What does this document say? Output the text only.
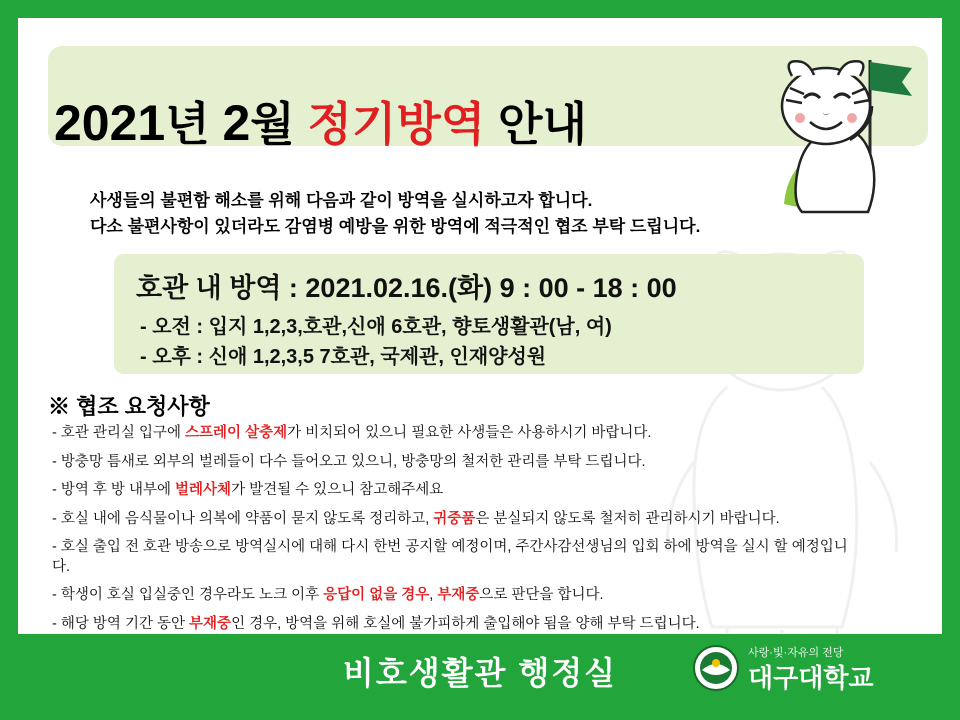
2021년 2월 정기방역 안내
사생들의 불편함 해소를 위해 다음과 같이 방역을 실시하고자 합니다.
다소 불편사항이 있더라도 감염병 예방을 위한 방역에 적극적인 협조 부탁 드립니다.
호관 내 방역 : 2021.02.16.(화) 9 : 00 - 18 : 00
- 오전 : 입지 1,2,3,호관,신애 6호관, 향토생활관(남, 여)
- 오후 : 신애 1,2,3,5 7호관, 국제관, 인재양성원
※ 협조 요청사항
- 호관 관리실 입구에 스프레이 살충제가 비치되어 있으니 필요한 사생들은 사용하시기 바랍니다.
- 방충망 틈새로 외부의 벌레들이 다수 들어오고 있으니, 방충망의 철저한 관리를 부탁 드립니다.
- 방역 후 방 내부에 벌레사체가 발견될 수 있으니 참고해주세요
- 호실 내에 음식물이나 의복에 약품이 묻지 않도록 정리하고, 귀중품은 분실되지 않도록 철저히 관리하시기 바랍니다.
- 호실 출입 전 호관 방송으로 방역실시에 대해 다시 한번 공지할 예정이며, 주간사감선생님의 입회 하에 방역을 실시 할 예정입니다.
- 학생이 호실 입실중인 경우라도 노크 이후 응답이 없을 경우, 부재중으로 판단을 합니다.
- 해당 방역 기간 동안 부재중인 경우, 방역을 위해 호실에 불가피하게 출입해야 됨을 양해 부탁 드립니다.
비호생활관 행정실
사랑·빛·자유의 전당
대구대학교
